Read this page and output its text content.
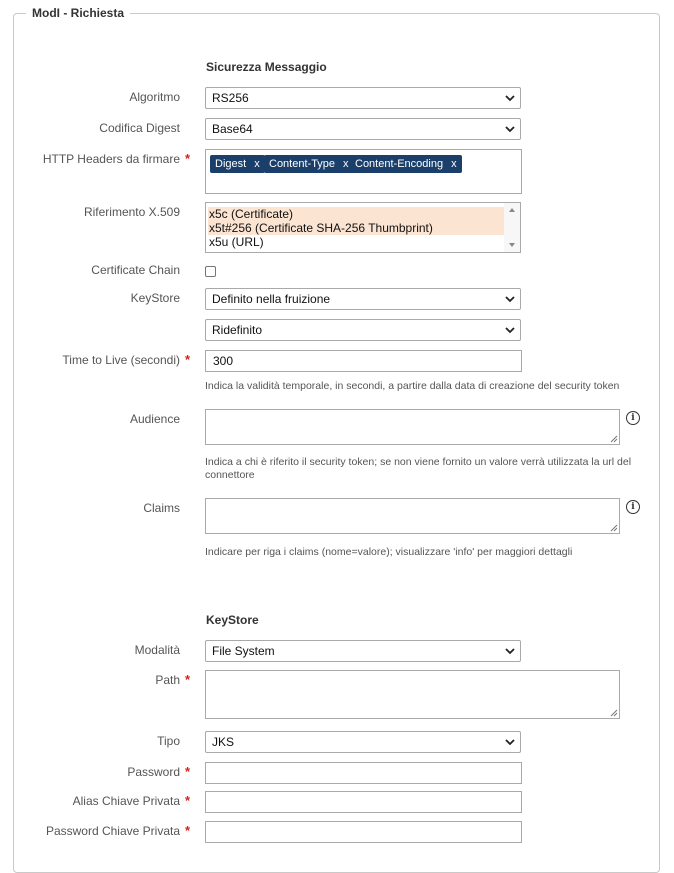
ModI - Richiesta
Sicurezza Messaggio
Algoritmo	RS256
Codifica Digest	Base64
HTTP Headers da firmare *	Digest x Content-Type x Content-Encoding x
Riferimento X.509 x5c (Certificate)
x5t#256 (Certificate SHA-256 Thumbprint)
x5u (URL)
Certificate Chain
KeyStore	Definito nella fruizione
Ridefinito
Time to Live (secondi) *	300
Indica la validità temporale, in secondi, a partire dalla data di creazione del security token
Audience	i
Indica a chi è riferito il security token; se non viene fornito un valore verrà utilizzata la url del connettore
Claims	i
Indicare per riga i claims (nome=valore); visualizzare 'info' per maggiori dettagli
KeyStore
Modalità	File System
Path *
Tipo	JKS
Password *
Alias Chiave Privata *
Password Chiave Privata *
